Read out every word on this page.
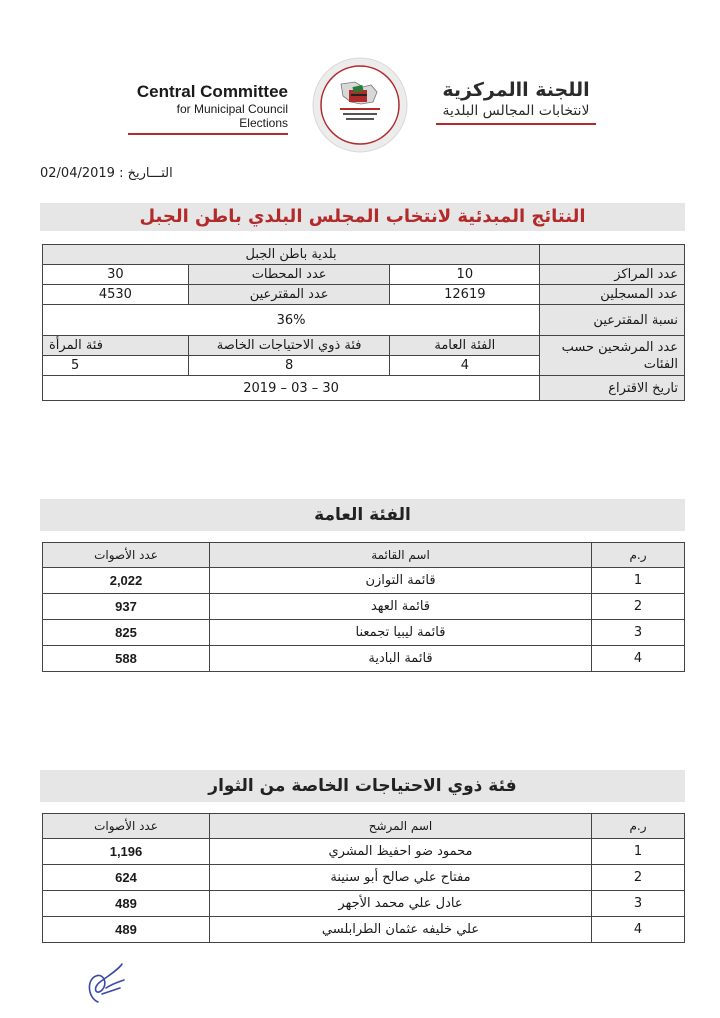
Central Committee
for Municipal Council Elections
اللجنة االمركزية
لانتخابات المجالس البلدية
التـــاريخ : 02/04/2019
النتائج المبدئية لانتخاب المجلس البلدي باطن الجبل
	بلدية باطن الجبل		
عدد المراكز	10	عدد المحطات	30
عدد المسجلين	12619	عدد المقترعين	4530
نسبة المقترعين	36%		
عدد المرشحين حسب الفئات	الفئة العامة	فئة ذوي الاحتياجات الخاصة	فئة المرأة
	4	8	5
تاريخ الاقتراع	2019 – 03 – 30		
الفئة العامة
ر.م	اسم القائمة	عدد الأصوات
1	قائمة التوازن	2,022
2	قائمة العهد	937
3	قائمة ليبيا تجمعنا	825
4	قائمة البادية	588
فئة ذوي الاحتياجات الخاصة من الثوار
ر.م	اسم المرشح	عدد الأصوات
1	محمود ضو احفيظ المشري	1,196
2	مفتاح علي صالح أبو سنينة	624
3	عادل علي محمد الأجهر	489
4	علي خليفه عثمان الطرابلسي	489
